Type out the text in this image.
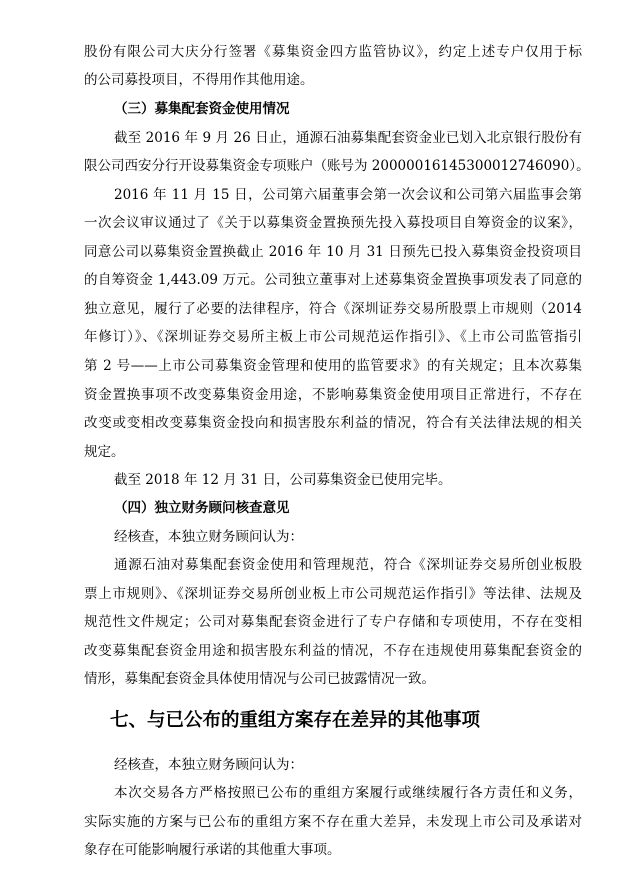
股份有限公司大庆分行签署《募集资金四方监管协议》，约定上述专户仅用于标
的公司募投项目，不得用作其他用途。
（三）募集配套资金使用情况
截至 2016 年 9 月 26 日止，通源石油募集配套资金业已划入北京银行股份有
限公司西安分行开设募集资金专项账户（账号为 20000016145300012746090）。
2016 年 11 月 15 日，公司第六届董事会第一次会议和公司第六届监事会第
一次会议审议通过了《关于以募集资金置换预先投入募投项目自筹资金的议案》，
同意公司以募集资金置换截止 2016 年 10 月 31 日预先已投入募集资金投资项目
的自筹资金 1,443.09 万元。公司独立董事对上述募集资金置换事项发表了同意的
独立意见，履行了必要的法律程序，符合《深圳证券交易所股票上市规则（2014
年修订）》、《深圳证券交易所主板上市公司规范运作指引》、《上市公司监管指引
第 2 号——上市公司募集资金管理和使用的监管要求》的有关规定；且本次募集
资金置换事项不改变募集资金用途，不影响募集资金使用项目正常进行，不存在
改变或变相改变募集资金投向和损害股东利益的情况，符合有关法律法规的相关
规定。
截至 2018 年 12 月 31 日，公司募集资金已使用完毕。
（四）独立财务顾问核查意见
经核查，本独立财务顾问认为：
通源石油对募集配套资金使用和管理规范，符合《深圳证券交易所创业板股
票上市规则》、《深圳证券交易所创业板上市公司规范运作指引》等法律、法规及
规范性文件规定；公司对募集配套资金进行了专户存储和专项使用，不存在变相
改变募集配套资金用途和损害股东利益的情况，不存在违规使用募集配套资金的
情形，募集配套资金具体使用情况与公司已披露情况一致。
七、与已公布的重组方案存在差异的其他事项
经核查，本独立财务顾问认为：
本次交易各方严格按照已公布的重组方案履行或继续履行各方责任和义务，
实际实施的方案与已公布的重组方案不存在重大差异，未发现上市公司及承诺对
象存在可能影响履行承诺的其他重大事项。
